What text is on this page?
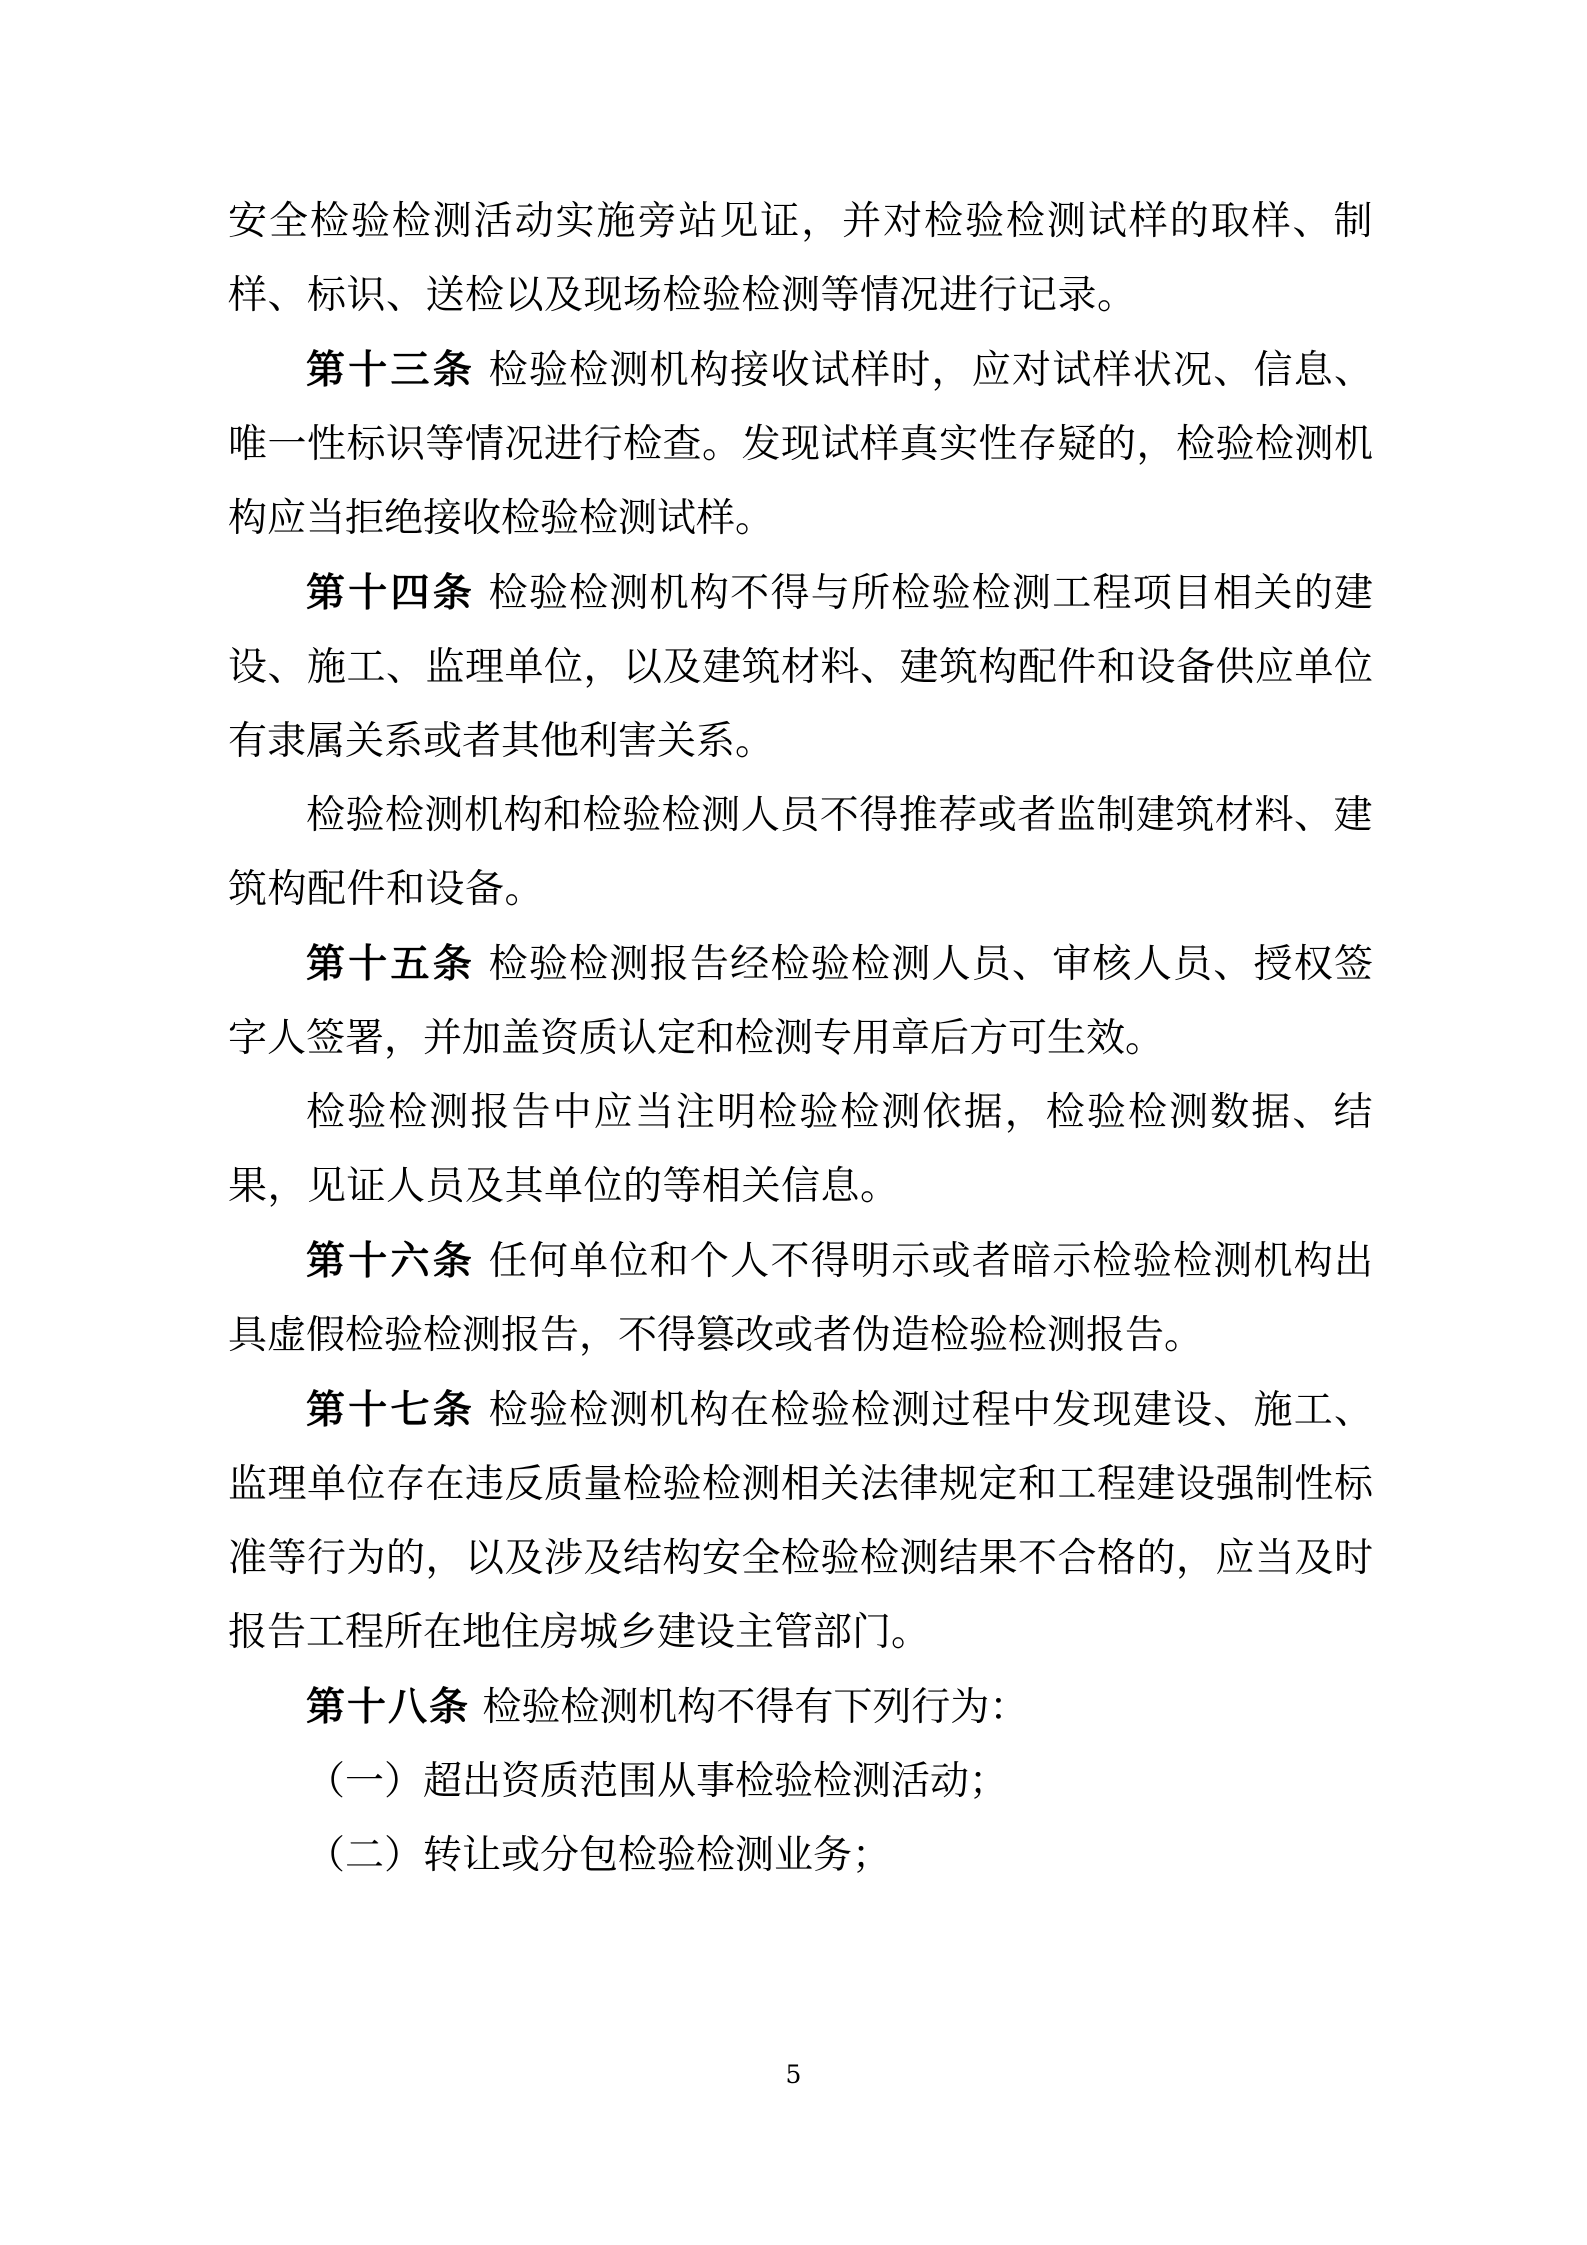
安全检验检测活动实施旁站见证，并对检验检测试样的取样、制样、标识、送检以及现场检验检测等情况进行记录。

第十三条 检验检测机构接收试样时，应对试样状况、信息、唯一性标识等情况进行检查。发现试样真实性存疑的，检验检测机构应当拒绝接收检验检测试样。

第十四条 检验检测机构不得与所检验检测工程项目相关的建设、施工、监理单位，以及建筑材料、建筑构配件和设备供应单位有隶属关系或者其他利害关系。

检验检测机构和检验检测人员不得推荐或者监制建筑材料、建筑构配件和设备。

第十五条 检验检测报告经检验检测人员、审核人员、授权签字人签署，并加盖资质认定和检测专用章后方可生效。

检验检测报告中应当注明检验检测依据，检验检测数据、结果，见证人员及其单位的等相关信息。

第十六条 任何单位和个人不得明示或者暗示检验检测机构出具虚假检验检测报告，不得篡改或者伪造检验检测报告。

第十七条 检验检测机构在检验检测过程中发现建设、施工、监理单位存在违反质量检验检测相关法律规定和工程建设强制性标准等行为的，以及涉及结构安全检验检测结果不合格的，应当及时报告工程所在地住房城乡建设主管部门。

第十八条 检验检测机构不得有下列行为：

（一）超出资质范围从事检验检测活动；

（二）转让或分包检验检测业务；

5
